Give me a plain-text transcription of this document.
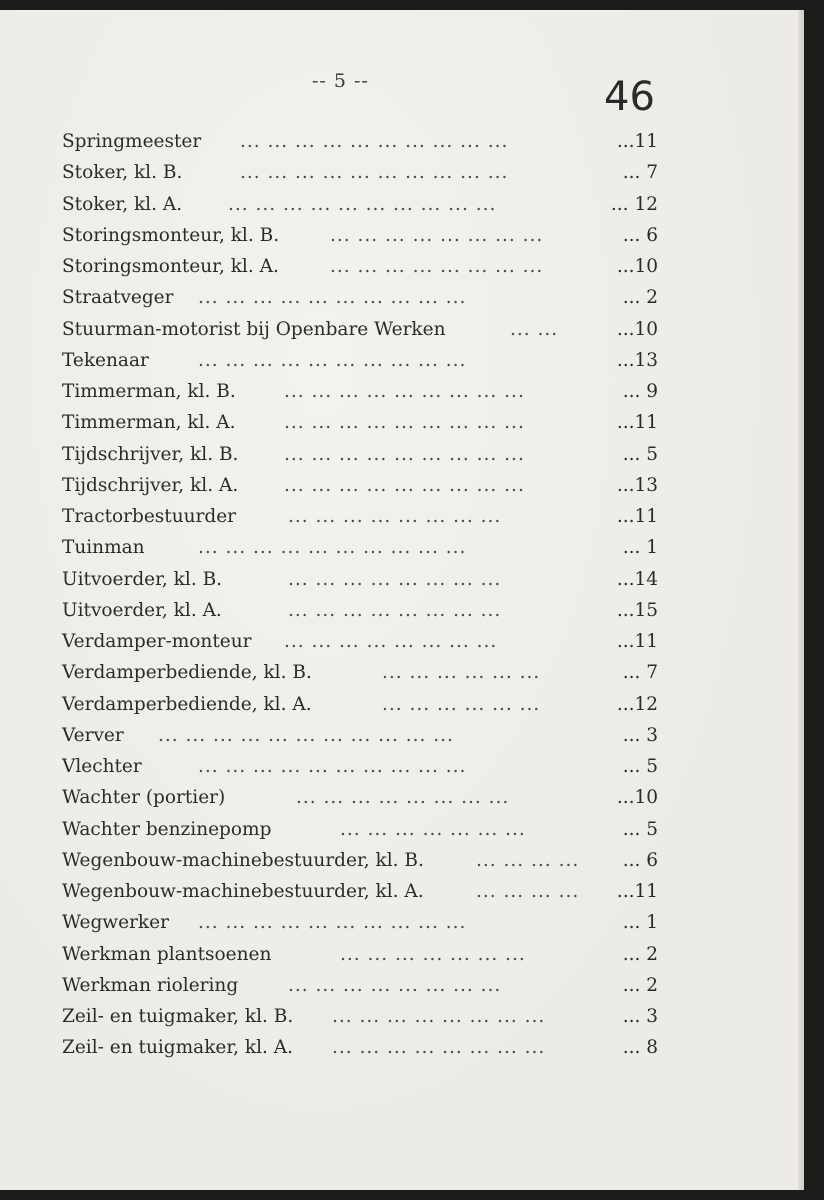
-- 5 --	46
Springmeester ... ... ... ... ... ... ... ... ... ...	...11
Stoker, kl. B.	... ... ... ... ... ... ... ... ... ...	... 7
Stoker, kl. A. ... ... ... ... ... ... ... ... ... ...	... 12
Storingsmonteur, kl. B.	... ... ... ... ... ... ... ...	... 6
Storingsmonteur, kl. A.	... ... ... ... ... ... ... ...	...10
Straatveger ... ... ... ... ... ... ... ... ... ...	... 2
Stuurman-motorist bij Openbare Werken	... ...	...10
Tekenaar	... ... ... ... ... ... ... ... ... ...	...13
Timmerman, kl. B.	... ... ... ... ... ... ... ... ...	... 9
Timmerman, kl. A.	... ... ... ... ... ... ... ... ...	...11
Tijdschrijver, kl. B. ... ... ... ... ... ... ... ... ...	... 5
Tijdschrijver, kl. A. ... ... ... ... ... ... ... ... ...	...13
Tractorbestuurder	... ... ... ... ... ... ... ...	...11
Tuinman	... ... ... ... ... ... ... ... ... ...	... 1
Uitvoerder, kl. B.	... ... ... ... ... ... ... ...	...14
Uitvoerder, kl. A.	... ... ... ... ... ... ... ...	...15
Verdamper-monteur ... ... ... ... ... ... ... ...	...11
Verdamperbediende, kl. B.	... ... ... ... ... ...	... 7
Verdamperbediende, kl. A.	... ... ... ... ... ...	...12
Verver ... ... ... ... ... ... ... ... ... ... ...	... 3
Vlechter	... ... ... ... ... ... ... ... ... ...	... 5
Wachter (portier)	... ... ... ... ... ... ... ...	...10
Wachter benzinepomp	... ... ... ... ... ... ...	... 5
Wegenbouw-machinebestuurder, kl. B.	... ... ... ... ... 6
Wegenbouw-machinebestuurder, kl. A.	... ... ... ... ...11
Wegwerker ... ... ... ... ... ... ... ... ... ...	... 1
Werkman plantsoenen	... ... ... ... ... ... ...	... 2
Werkman riolering	... ... ... ... ... ... ... ...	... 2
Zeil- en tuigmaker, kl. B. ... ... ... ... ... ... ... ...	... 3
Zeil- en tuigmaker, kl. A. ... ... ... ... ... ... ... ...	... 8
